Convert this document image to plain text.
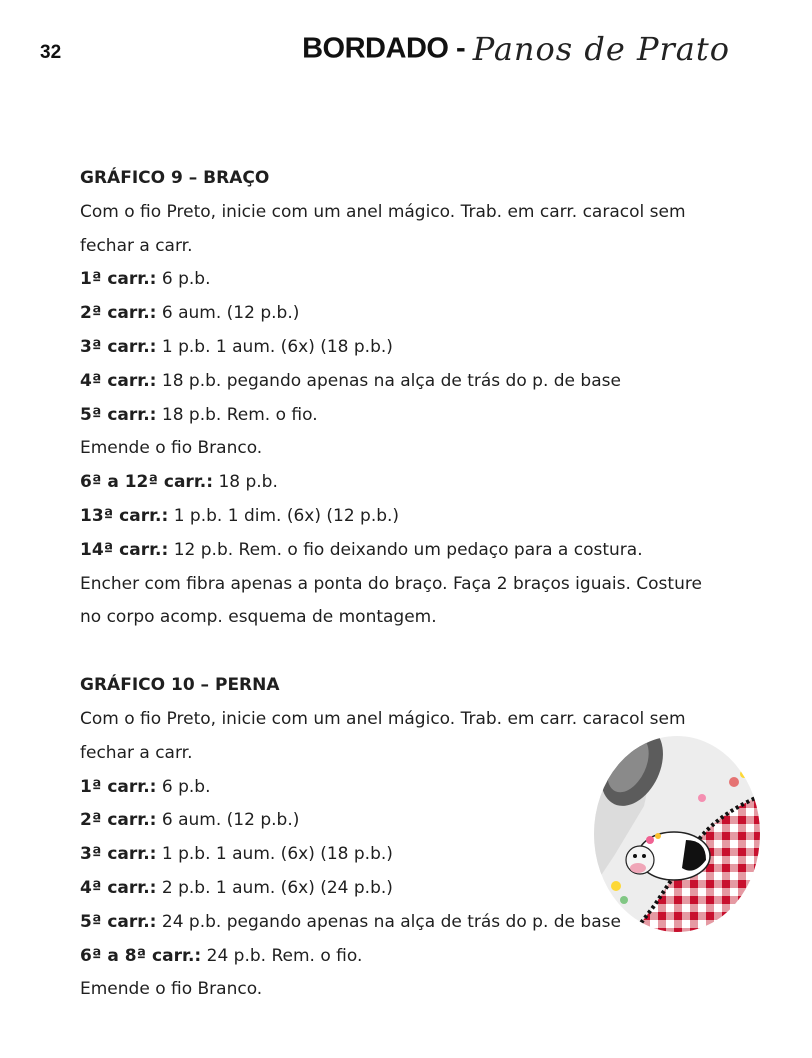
32	BORDADO - Panos de Prato
GRÁFICO 9 – BRAÇO
Com o fio Preto, inicie com um anel mágico. Trab. em carr. caracol sem
fechar a carr.
1ª carr.: 6 p.b.
2ª carr.: 6 aum. (12 p.b.)
3ª carr.: 1 p.b. 1 aum. (6x) (18 p.b.)
4ª carr.: 18 p.b. pegando apenas na alça de trás do p. de base
5ª carr.: 18 p.b. Rem. o fio.
Emende o fio Branco.
6ª a 12ª carr.: 18 p.b.
13ª carr.: 1 p.b. 1 dim. (6x) (12 p.b.)
14ª carr.: 12 p.b. Rem. o fio deixando um pedaço para a costura.
Encher com fibra apenas a ponta do braço. Faça 2 braços iguais. Costure
no corpo acomp. esquema de montagem.
GRÁFICO 10 – PERNA
Com o fio Preto, inicie com um anel mágico. Trab. em carr. caracol sem
fechar a carr.
1ª carr.: 6 p.b.
2ª carr.: 6 aum. (12 p.b.)
3ª carr.: 1 p.b. 1 aum. (6x) (18 p.b.)
4ª carr.: 2 p.b. 1 aum. (6x) (24 p.b.)
5ª carr.: 24 p.b. pegando apenas na alça de trás do p. de base
6ª a 8ª carr.: 24 p.b. Rem. o fio.
Emende o fio Branco.
